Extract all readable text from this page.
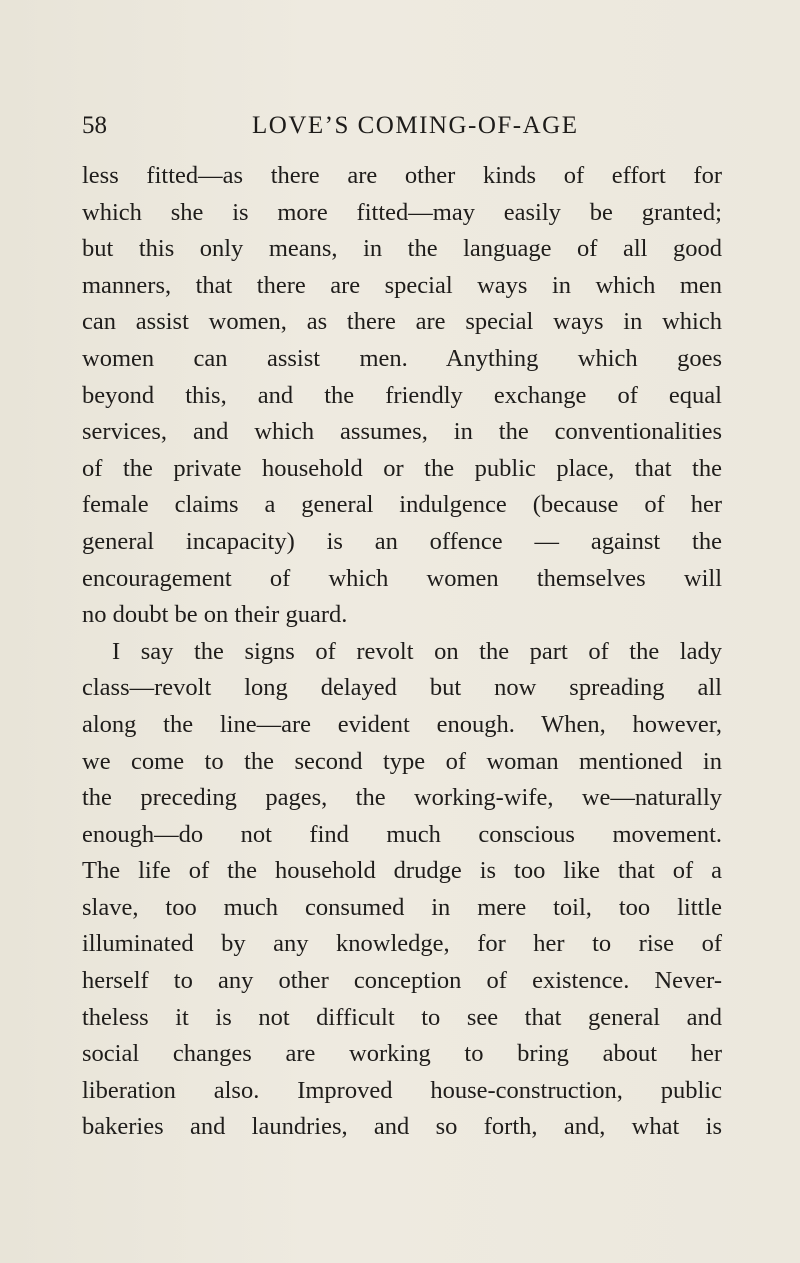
58	LOVE’S COMING-OF-AGE
less fitted—as there are other kinds of effort for
which she is more fitted—may easily be granted;
but this only means, in the language of all good
manners, that there are special ways in which men
can assist women, as there are special ways in which
women can assist men. Anything which goes
beyond this, and the friendly exchange of equal
services, and which assumes, in the conventionalities
of the private household or the public place, that the
female claims a general indulgence (because of her
general incapacity) is an offence — against the
encouragement of which women themselves will
no doubt be on their guard.
I say the signs of revolt on the part of the lady
class—revolt long delayed but now spreading all
along the line—are evident enough. When, however,
we come to the second type of woman mentioned in
the preceding pages, the working-wife, we—naturally
enough—do not find much conscious movement.
The life of the household drudge is too like that of a
slave, too much consumed in mere toil, too little
illuminated by any knowledge, for her to rise of
herself to any other conception of existence. Never-
theless it is not difficult to see that general and
social changes are working to bring about her
liberation also. Improved house-construction, public
bakeries and laundries, and so forth, and, what is
